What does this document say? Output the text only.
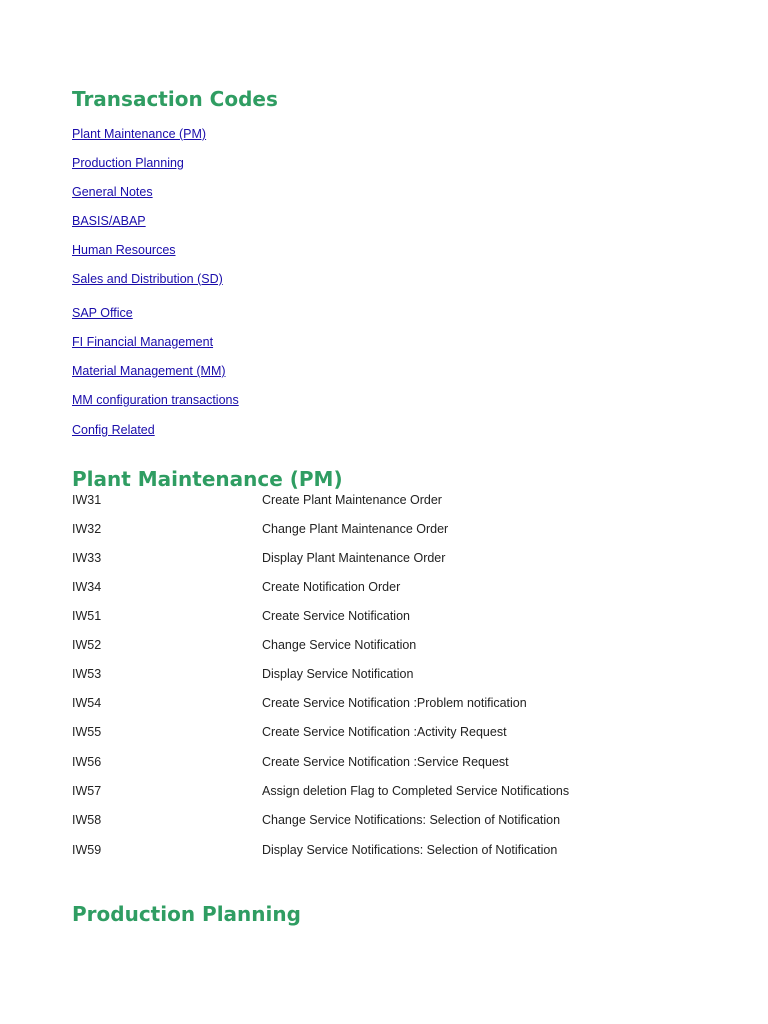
Transaction Codes
Plant Maintenance (PM)
Production Planning
General Notes
BASIS/ABAP
Human Resources
Sales and Distribution (SD)
SAP Office
FI Financial Management
Material Management (MM)
MM configuration transactions
Config Related
Plant Maintenance (PM)
IW31	Create Plant Maintenance Order
IW32	Change Plant Maintenance Order
IW33	Display Plant Maintenance Order
IW34	Create Notification Order
IW51	Create Service Notification
IW52	Change Service Notification
IW53	Display Service Notification
IW54	Create Service Notification :Problem notification
IW55	Create Service Notification :Activity Request
IW56	Create Service Notification :Service Request
IW57	Assign deletion Flag to Completed Service Notifications
IW58	Change Service Notifications: Selection of Notification
IW59	Display Service Notifications: Selection of Notification
Production Planning
